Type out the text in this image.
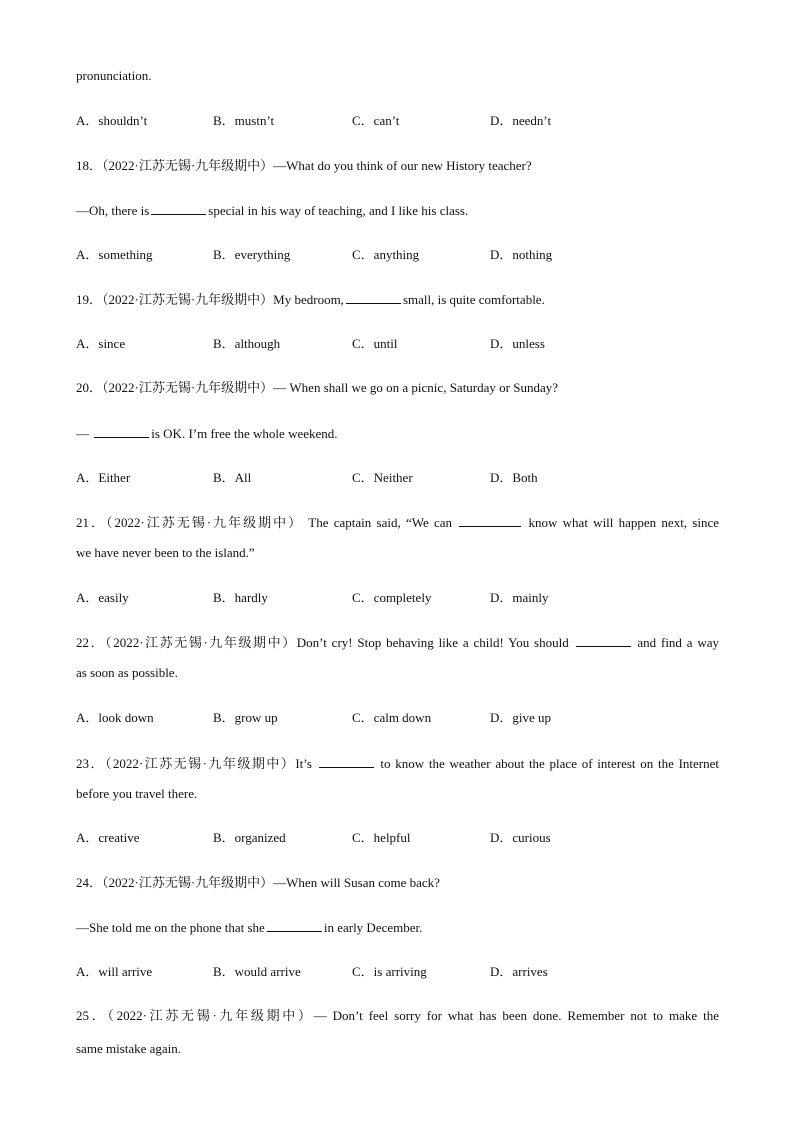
pronunciation.
A．shouldn’t	B．mustn’t	C．can’t	D．needn’t
18．（2022·江苏无锡·九年级期中）—What do you think of our new History teacher?
—Oh, there is	special in his way of teaching, and I like his class.
A．something	B．everything	C．anything	D．nothing
19．（2022·江苏无锡·九年级期中）My bedroom,	small, is quite comfortable.
A．since	B．although	C．until	D．unless
20．（2022·江苏无锡·九年级期中）— When shall we go on a picnic, Saturday or Sunday?
—	is OK. I’m free the whole weekend.
A．Either	B．All	C．Neither	D．Both
21．（2022·江苏无锡·九年级期中） The captain said, “We can	know what will happen next, since
we have never been to the island.”
A．easily	B．hardly	C．completely	D．mainly
22．（2022·江苏无锡·九年级期中）Don’t cry! Stop behaving like a child! You should	and find a way
as soon as possible.
A．look down	B．grow up	C．calm down	D．give up
23．（2022·江苏无锡·九年级期中）It’s	to know the weather about the place of interest on the Internet
before you travel there.
A．creative	B．organized	C．helpful	D．curious
24．（2022·江苏无锡·九年级期中）—When will Susan come back?
—She told me on the phone that she	in early December.
A．will arrive	B．would arrive	C．is arriving	D．arrives
25．（2022·江苏无锡·九年级期中）— Don’t feel sorry for what has been done. Remember not to make the
same mistake again.
